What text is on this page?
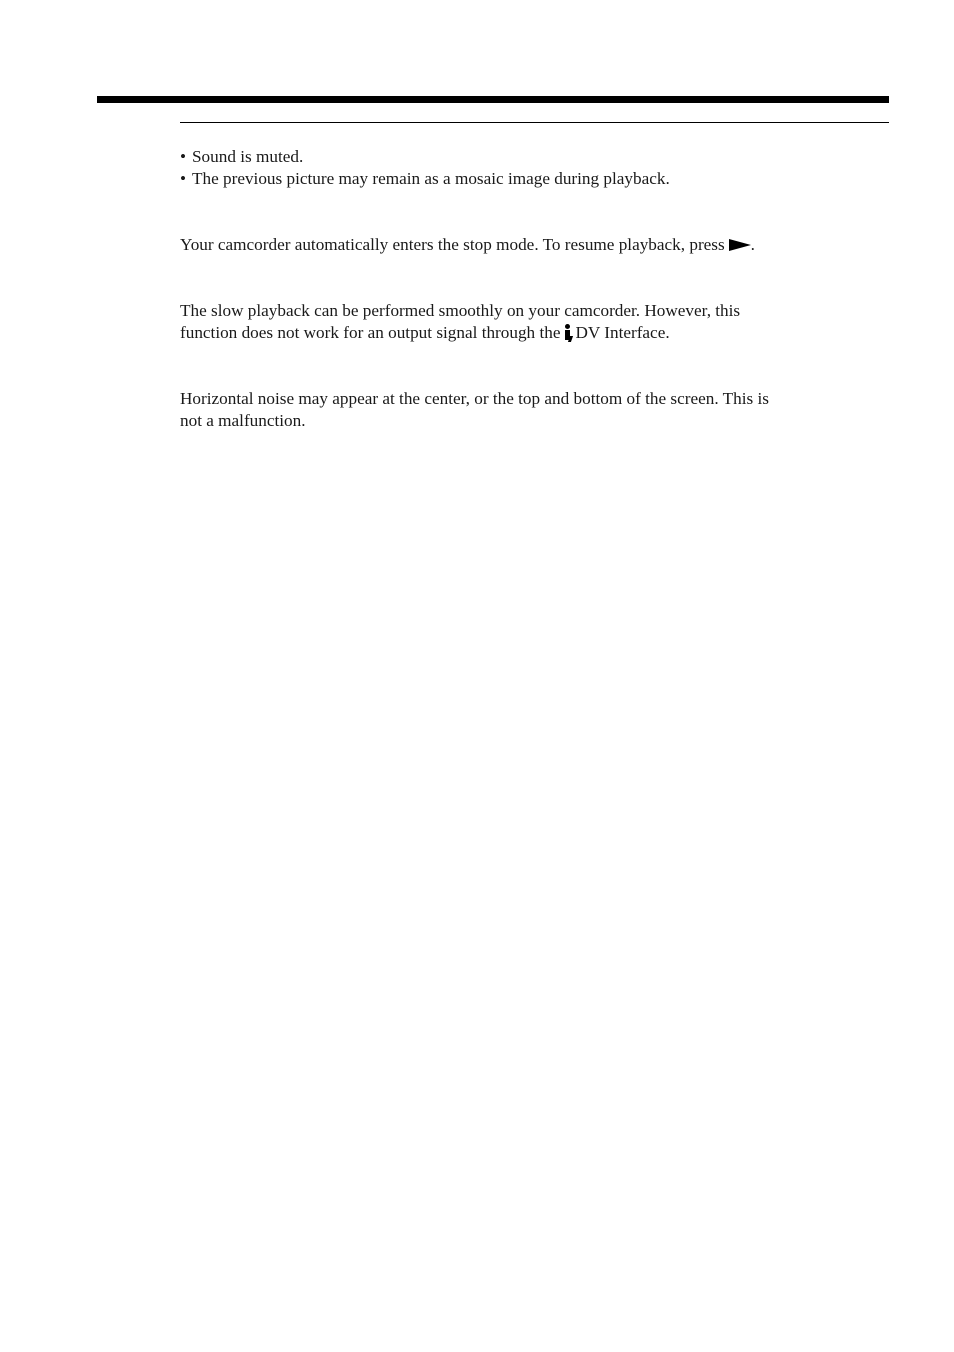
• Sound is muted.
• The previous picture may remain as a mosaic image during playback.

Your camcorder automatically enters the stop mode. To resume playback, press .

The slow playback can be performed smoothly on your camcorder. However, this
function does not work for an output signal through the DV Interface.

Horizontal noise may appear at the center, or the top and bottom of the screen. This is
not a malfunction.
